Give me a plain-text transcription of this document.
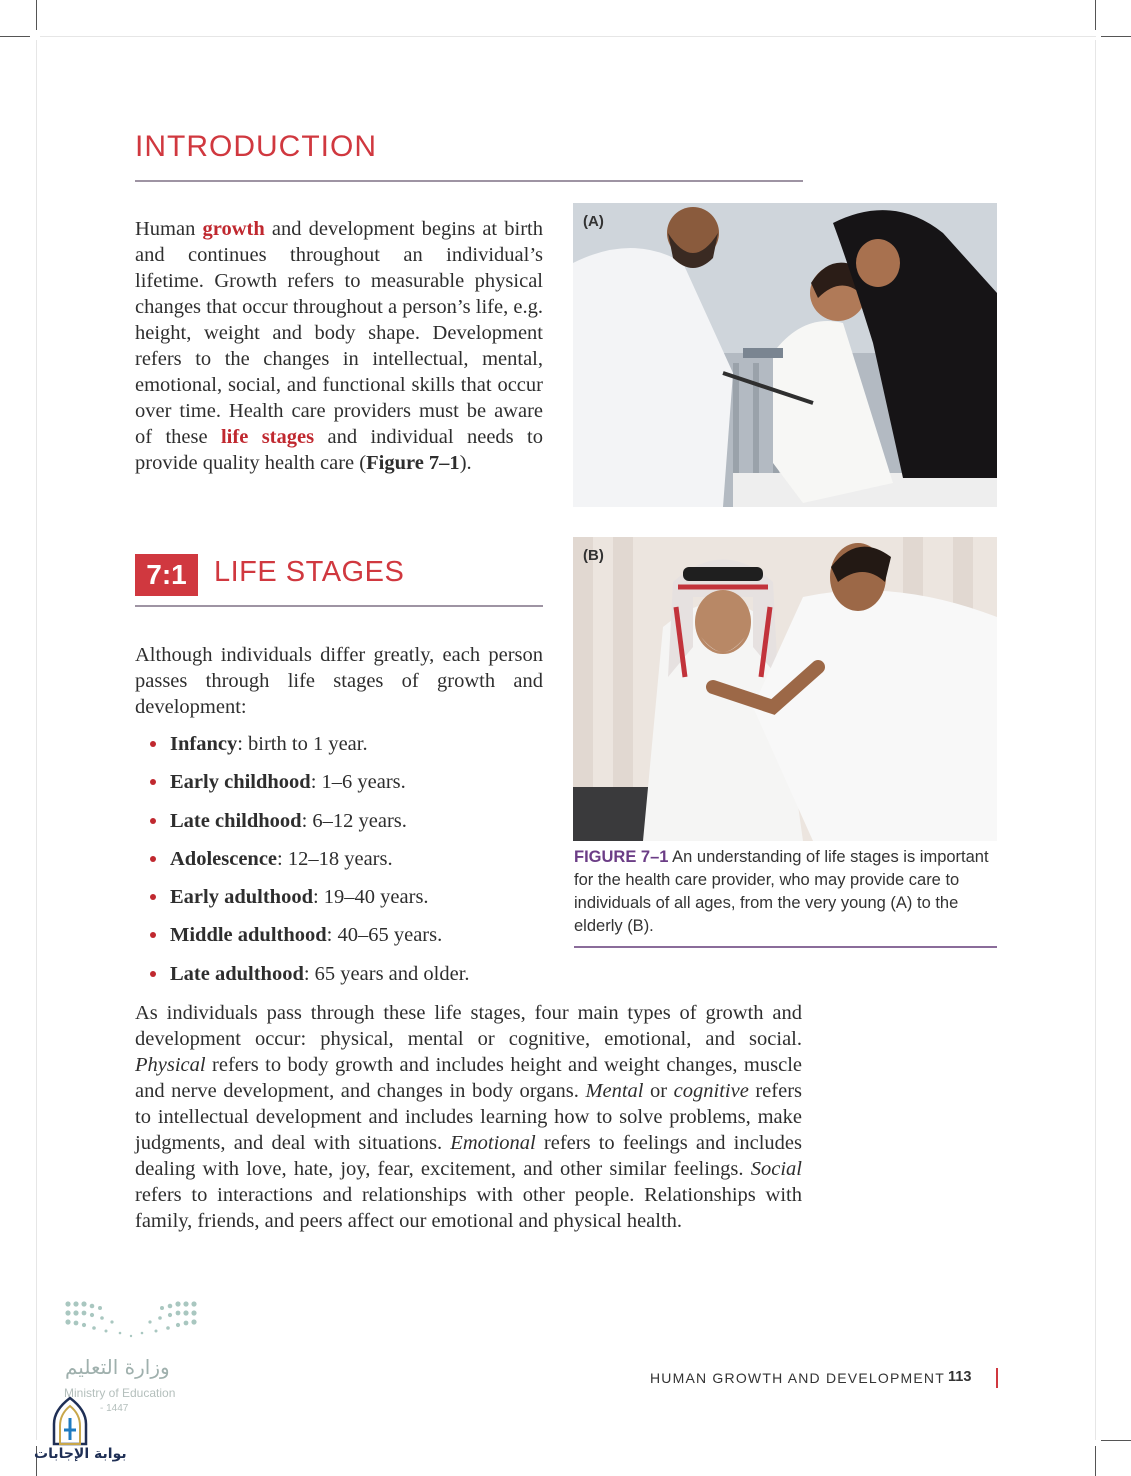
INTRODUCTION
Human growth and development begins at birth and continues throughout an individual’s lifetime. Growth refers to measurable physical changes that occur throughout a person’s life, e.g. height, weight and body shape. Development refers to the changes in intellectual, mental, emotional, social, and functional skills that occur over time. Health care providers must be aware of these life stages and individual needs to provide quality health care (Figure 7–1).
(A)
(B)
7:1 LIFE STAGES
Although individuals differ greatly, each person passes through life stages of growth and development:
Infancy: birth to 1 year.
Early childhood: 1–6 years.
Late childhood: 6–12 years.
Adolescence: 12–18 years.
Early adulthood: 19–40 years.
Middle adulthood: 40–65 years.
Late adulthood: 65 years and older.
FIGURE 7–1 An understanding of life stages is important for the health care provider, who may provide care to individuals of all ages, from the very young (A) to the elderly (B).
As individuals pass through these life stages, four main types of growth and development occur: physical, mental or cognitive, emotional, and social. Physical refers to body growth and includes height and weight changes, muscle and nerve development, and changes in body organs. Mental or cognitive refers to intellectual development and includes learning how to solve problems, make judgments, and deal with situations. Emotional refers to feelings and includes dealing with love, hate, joy, fear, excitement, and other similar feelings. Social refers to interactions and relationships with other people. Relationships with family, friends, and peers affect our emotional and physical health.
وزارة التعليم
Ministry of Education
- 1447
بوابة الإجابات
HUMAN GROWTH AND DEVELOPMENT 113
